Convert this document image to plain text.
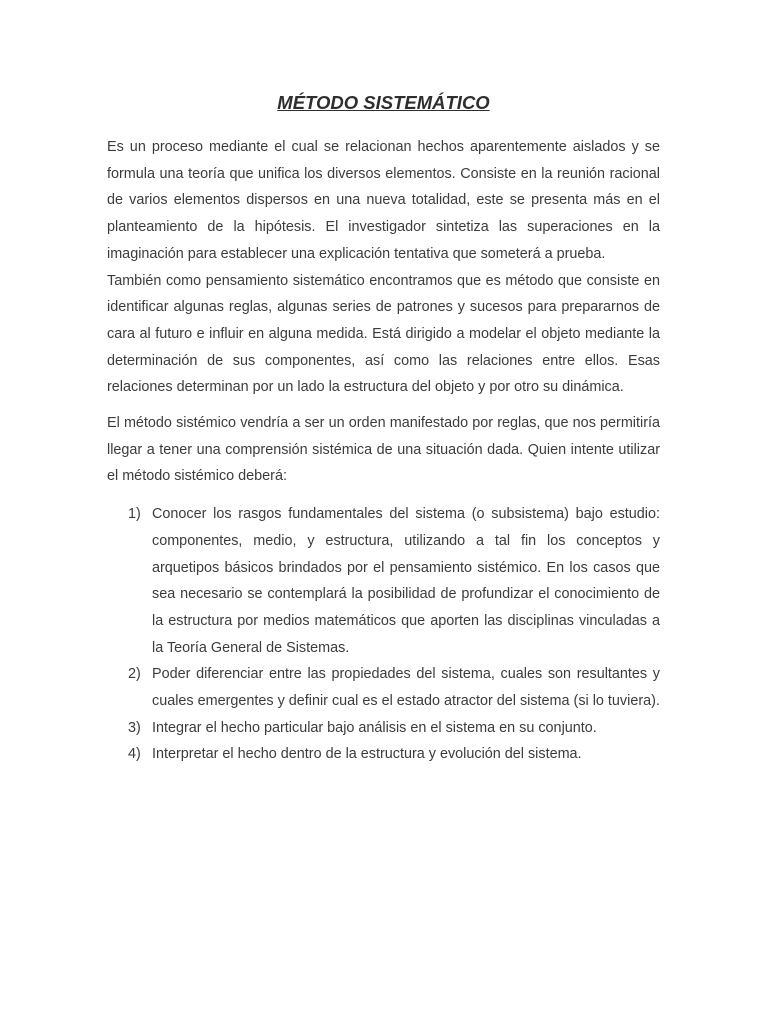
MÉTODO SISTEMÁTICO

Es un proceso mediante el cual se relacionan hechos aparentemente aislados y se formula una teoría que unifica los diversos elementos. Consiste en la reunión racional de varios elementos dispersos en una nueva totalidad, este se presenta más en el planteamiento de la hipótesis. El investigador sintetiza las superaciones en la imaginación para establecer una explicación tentativa que someterá a prueba.

También como pensamiento sistemático encontramos que es método que consiste en identificar algunas reglas, algunas series de patrones y sucesos para prepararnos de cara al futuro e influir en alguna medida. Está dirigido a modelar el objeto mediante la determinación de sus componentes, así como las relaciones entre ellos. Esas relaciones determinan por un lado la estructura del objeto y por otro su dinámica.

El método sistémico vendría a ser un orden manifestado por reglas, que nos permitiría llegar a tener una comprensión sistémica de una situación dada. Quien intente utilizar el método sistémico deberá:

1) Conocer los rasgos fundamentales del sistema (o subsistema) bajo estudio: componentes, medio, y estructura, utilizando a tal fin los conceptos y arquetipos básicos brindados por el pensamiento sistémico. En los casos que sea necesario se contemplará la posibilidad de profundizar el conocimiento de la estructura por medios matemáticos que aporten las disciplinas vinculadas a la Teoría General de Sistemas.
2) Poder diferenciar entre las propiedades del sistema, cuales son resultantes y cuales emergentes y definir cual es el estado atractor del sistema (si lo tuviera).
3) Integrar el hecho particular bajo análisis en el sistema en su conjunto.
4) Interpretar el hecho dentro de la estructura y evolución del sistema.
